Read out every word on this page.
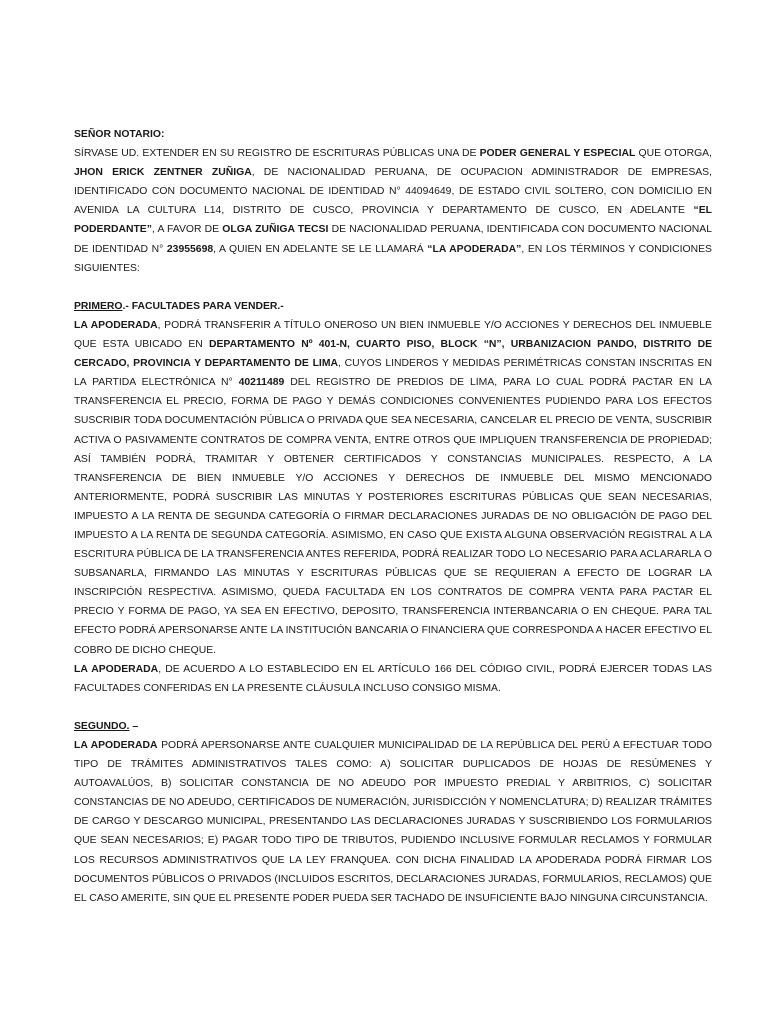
SEÑOR NOTARIO:

SÍRVASE UD. EXTENDER EN SU REGISTRO DE ESCRITURAS PÚBLICAS UNA DE PODER GENERAL Y ESPECIAL QUE OTORGA, JHON ERICK ZENTNER ZUÑIGA, DE NACIONALIDAD PERUANA, DE OCUPACION ADMINISTRADOR DE EMPRESAS, IDENTIFICADO CON DOCUMENTO NACIONAL DE IDENTIDAD N° 44094649, DE ESTADO CIVIL SOLTERO, CON DOMICILIO EN AVENIDA LA CULTURA L14, DISTRITO DE CUSCO, PROVINCIA Y DEPARTAMENTO DE CUSCO, EN ADELANTE “EL PODERDANTE”, A FAVOR DE OLGA ZUÑIGA TECSI DE NACIONALIDAD PERUANA, IDENTIFICADA CON DOCUMENTO NACIONAL DE IDENTIDAD N° 23955698, A QUIEN EN ADELANTE SE LE LLAMARÁ “LA APODERADA”, EN LOS TÉRMINOS Y CONDICIONES SIGUIENTES:

PRIMERO.- FACULTADES PARA VENDER.-

LA APODERADA, PODRÁ TRANSFERIR A TÍTULO ONEROSO UN BIEN INMUEBLE Y/O ACCIONES Y DERECHOS DEL INMUEBLE QUE ESTA UBICADO EN DEPARTAMENTO Nº 401-N, CUARTO PISO, BLOCK “N”, URBANIZACION PANDO, DISTRITO DE CERCADO, PROVINCIA Y DEPARTAMENTO DE LIMA, CUYOS LINDEROS Y MEDIDAS PERIMÉTRICAS CONSTAN INSCRITAS EN LA PARTIDA ELECTRÓNICA N° 40211489 DEL REGISTRO DE PREDIOS DE LIMA, PARA LO CUAL PODRÁ PACTAR EN LA TRANSFERENCIA EL PRECIO, FORMA DE PAGO Y DEMÁS CONDICIONES CONVENIENTES PUDIENDO PARA LOS EFECTOS SUSCRIBIR TODA DOCUMENTACIÓN PÚBLICA O PRIVADA QUE SEA NECESARIA, CANCELAR EL PRECIO DE VENTA, SUSCRIBIR ACTIVA O PASIVAMENTE CONTRATOS DE COMPRA VENTA, ENTRE OTROS QUE IMPLIQUEN TRANSFERENCIA DE PROPIEDAD; ASÍ TAMBIÉN PODRÁ, TRAMITAR Y OBTENER CERTIFICADOS Y CONSTANCIAS MUNICIPALES. RESPECTO, A LA TRANSFERENCIA DE BIEN INMUEBLE Y/O ACCIONES Y DERECHOS DE INMUEBLE DEL MISMO MENCIONADO ANTERIORMENTE, PODRÁ SUSCRIBIR LAS MINUTAS Y POSTERIORES ESCRITURAS PÚBLICAS QUE SEAN NECESARIAS, IMPUESTO A LA RENTA DE SEGUNDA CATEGORÍA O FIRMAR DECLARACIONES JURADAS DE NO OBLIGACIÓN DE PAGO DEL IMPUESTO A LA RENTA DE SEGUNDA CATEGORÍA. ASIMISMO, EN CASO QUE EXISTA ALGUNA OBSERVACIÓN REGISTRAL A LA ESCRITURA PÚBLICA DE LA TRANSFERENCIA ANTES REFERIDA, PODRÁ REALIZAR TODO LO NECESARIO PARA ACLARARLA O SUBSANARLA, FIRMANDO LAS MINUTAS Y ESCRITURAS PÚBLICAS QUE SE REQUIERAN A EFECTO DE LOGRAR LA INSCRIPCIÓN RESPECTIVA. ASIMISMO, QUEDA FACULTADA EN LOS CONTRATOS DE COMPRA VENTA PARA PACTAR EL PRECIO Y FORMA DE PAGO, YA SEA EN EFECTIVO, DEPOSITO, TRANSFERENCIA INTERBANCARIA O EN CHEQUE. PARA TAL EFECTO PODRÁ APERSONARSE ANTE LA INSTITUCIÓN BANCARIA O FINANCIERA QUE CORRESPONDA A HACER EFECTIVO EL COBRO DE DICHO CHEQUE.

LA APODERADA, DE ACUERDO A LO ESTABLECIDO EN EL ARTÍCULO 166 DEL CÓDIGO CIVIL, PODRÁ EJERCER TODAS LAS FACULTADES CONFERIDAS EN LA PRESENTE CLÁUSULA INCLUSO CONSIGO MISMA.

SEGUNDO. –

LA APODERADA PODRÁ APERSONARSE ANTE CUALQUIER MUNICIPALIDAD DE LA REPÚBLICA DEL PERÚ A EFECTUAR TODO TIPO DE TRÁMITES ADMINISTRATIVOS TALES COMO: A) SOLICITAR DUPLICADOS DE HOJAS DE RESÚMENES Y AUTOAVALÚOS, B) SOLICITAR CONSTANCIA DE NO ADEUDO POR IMPUESTO PREDIAL Y ARBITRIOS, C) SOLICITAR CONSTANCIAS DE NO ADEUDO, CERTIFICADOS DE NUMERACIÓN, JURISDICCIÓN Y NOMENCLATURA; D) REALIZAR TRÁMITES DE CARGO Y DESCARGO MUNICIPAL, PRESENTANDO LAS DECLARACIONES JURADAS Y SUSCRIBIENDO LOS FORMULARIOS QUE SEAN NECESARIOS; E) PAGAR TODO TIPO DE TRIBUTOS, PUDIENDO INCLUSIVE FORMULAR RECLAMOS Y FORMULAR LOS RECURSOS ADMINISTRATIVOS QUE LA LEY FRANQUEA. CON DICHA FINALIDAD LA APODERADA PODRÁ FIRMAR LOS DOCUMENTOS PÚBLICOS O PRIVADOS (INCLUIDOS ESCRITOS, DECLARACIONES JURADAS, FORMULARIOS, RECLAMOS) QUE EL CASO AMERITE, SIN QUE EL PRESENTE PODER PUEDA SER TACHADO DE INSUFICIENTE BAJO NINGUNA CIRCUNSTANCIA.
